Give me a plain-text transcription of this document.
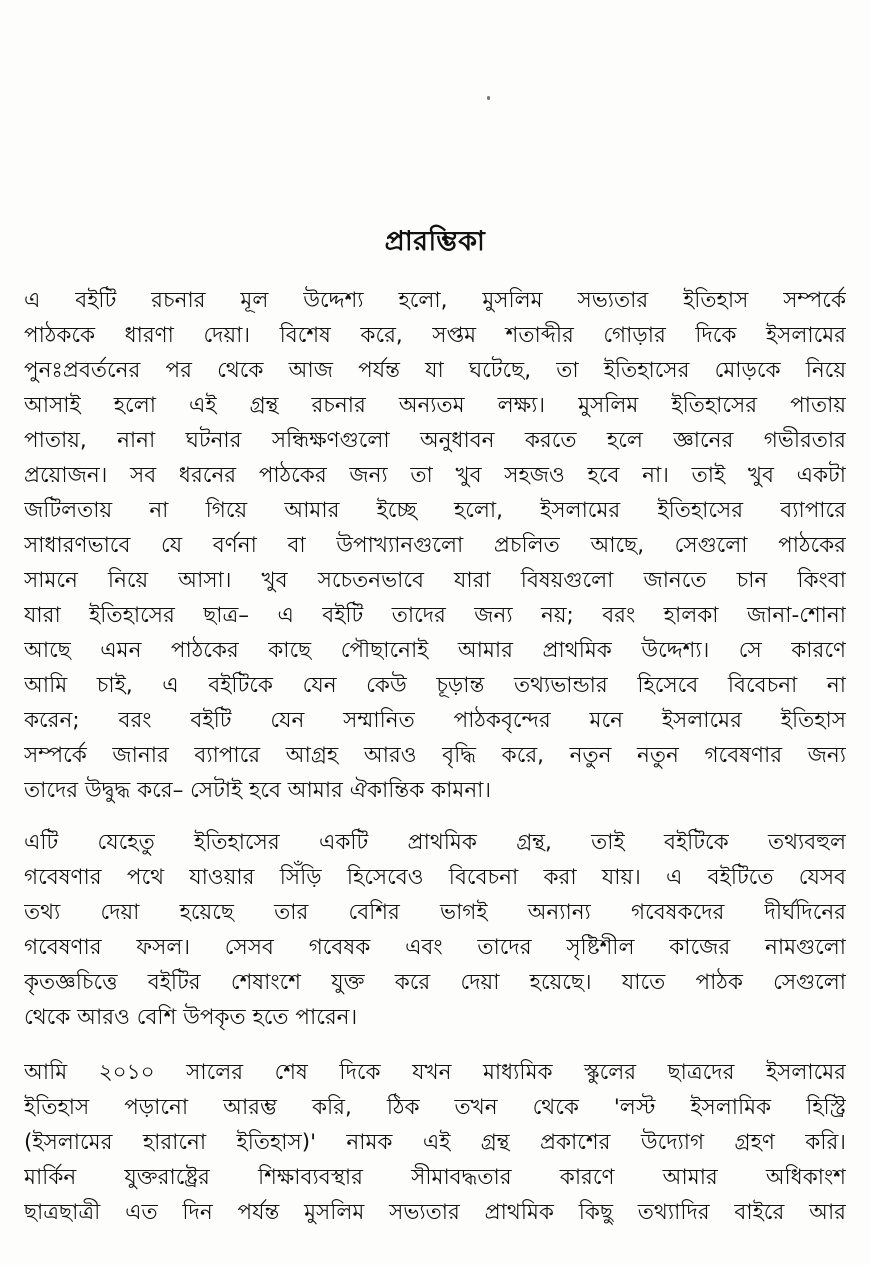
প্রারম্ভিকা
এ বইটি রচনার মূল উদ্দেশ্য হলো, মুসলিম সভ্যতার ইতিহাস সম্পর্কে
পাঠককে ধারণা দেয়া। বিশেষ করে, সপ্তম শতাব্দীর গোড়ার দিকে ইসলামের
পুনঃপ্রবর্তনের পর থেকে আজ পর্যন্ত যা ঘটেছে, তা ইতিহাসের মোড়কে নিয়ে
আসাই হলো এই গ্রন্থ রচনার অন্যতম লক্ষ্য। মুসলিম ইতিহাসের পাতায়
পাতায়, নানা ঘটনার সন্ধিক্ষণগুলো অনুধাবন করতে হলে জ্ঞানের গভীরতার
প্রয়োজন। সব ধরনের পাঠকের জন্য তা খুব সহজও হবে না। তাই খুব একটা
জটিলতায় না গিয়ে আমার ইচ্ছে হলো, ইসলামের ইতিহাসের ব্যাপারে
সাধারণভাবে যে বর্ণনা বা উপাখ্যানগুলো প্রচলিত আছে, সেগুলো পাঠকের
সামনে নিয়ে আসা। খুব সচেতনভাবে যারা বিষয়গুলো জানতে চান কিংবা
যারা ইতিহাসের ছাত্র– এ বইটি তাদের জন্য নয়; বরং হালকা জানা-শোনা
আছে এমন পাঠকের কাছে পৌছানোই আমার প্রাথমিক উদ্দেশ্য। সে কারণে
আমি চাই, এ বইটিকে যেন কেউ চূড়ান্ত তথ্যভান্ডার হিসেবে বিবেচনা না
করেন; বরং বইটি যেন সম্মানিত পাঠকবৃন্দের মনে ইসলামের ইতিহাস
সম্পর্কে জানার ব্যাপারে আগ্রহ আরও বৃদ্ধি করে, নতুন নতুন গবেষণার জন্য
তাদের উদ্বুদ্ধ করে– সেটাই হবে আমার ঐকান্তিক কামনা।
এটি যেহেতু ইতিহাসের একটি প্রাথমিক গ্রন্থ, তাই বইটিকে তথ্যবহুল
গবেষণার পথে যাওয়ার সিঁড়ি হিসেবেও বিবেচনা করা যায়। এ বইটিতে যেসব
তথ্য দেয়া হয়েছে তার বেশির ভাগই অন্যান্য গবেষকদের দীর্ঘদিনের
গবেষণার ফসল। সেসব গবেষক এবং তাদের সৃষ্টিশীল কাজের নামগুলো
কৃতজ্ঞচিত্তে বইটির শেষাংশে যুক্ত করে দেয়া হয়েছে। যাতে পাঠক সেগুলো
থেকে আরও বেশি উপকৃত হতে পারেন।
আমি ২০১০ সালের শেষ দিকে যখন মাধ্যমিক স্কুলের ছাত্রদের ইসলামের
ইতিহাস পড়ানো আরম্ভ করি, ঠিক তখন থেকে 'লস্ট ইসলামিক হিস্ট্রি
(ইসলামের হারানো ইতিহাস)' নামক এই গ্রন্থ প্রকাশের উদ্যোগ গ্রহণ করি।
মার্কিন যুক্তরাষ্ট্রের শিক্ষাব্যবস্থার সীমাবদ্ধতার কারণে আমার অধিকাংশ
ছাত্রছাত্রী এত দিন পর্যন্ত মুসলিম সভ্যতার প্রাথমিক কিছু তথ্যাদির বাইরে আর
